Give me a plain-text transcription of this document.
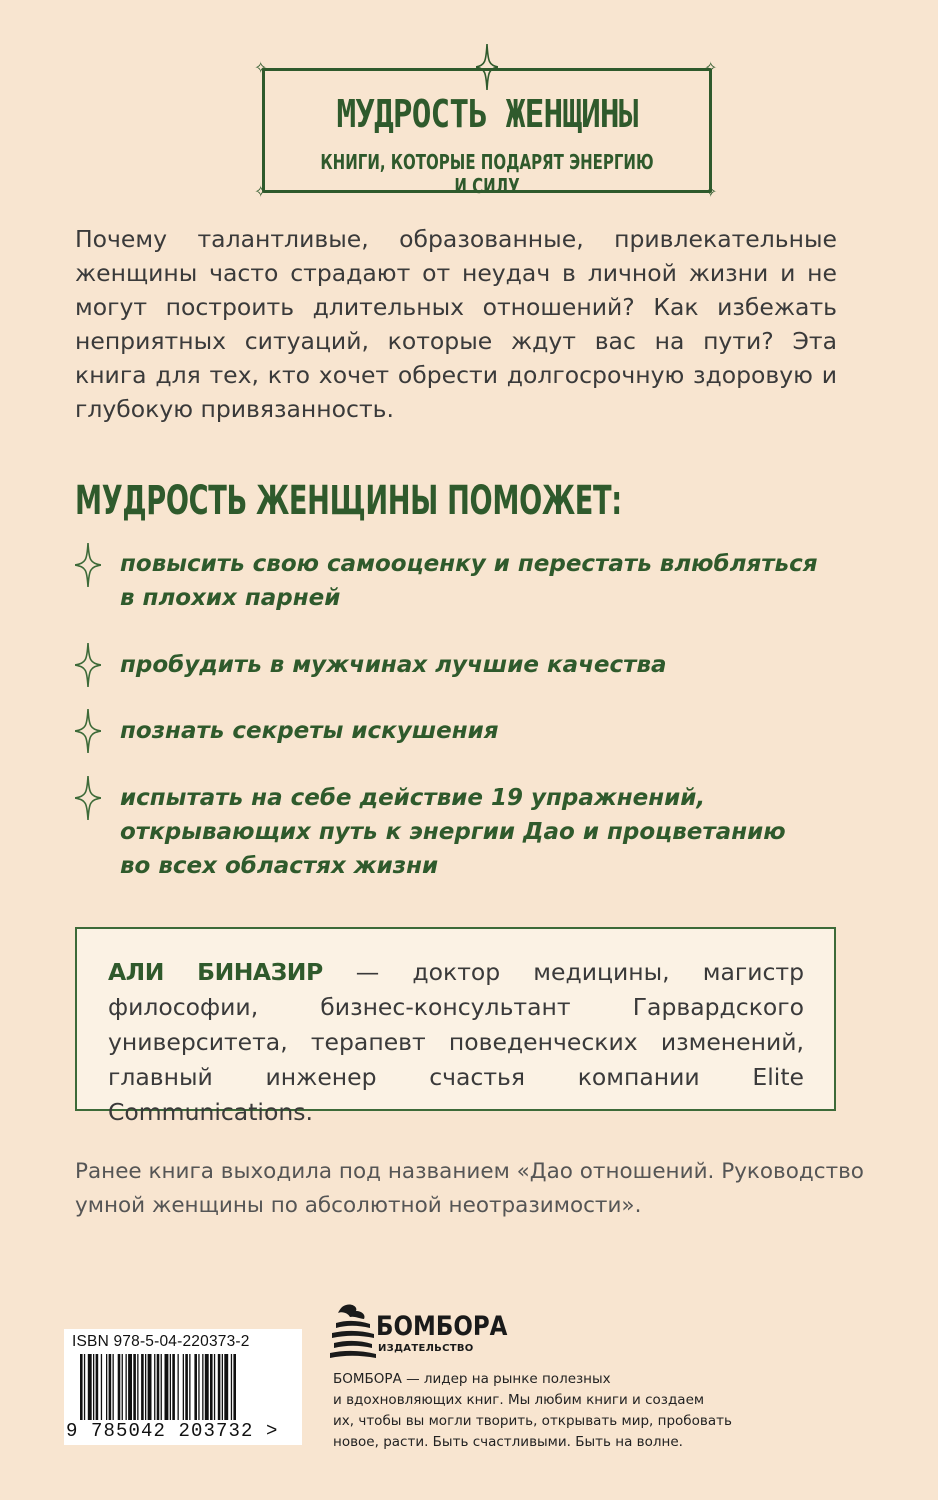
✧	✧
✧	✧
МУДРОСТЬ ЖЕНЩИНЫ
КНИГИ, КОТОРЫЕ ПОДАРЯТ ЭНЕРГИЮ И СИЛУ
Почему талантливые, образованные, привлекательные женщины часто страдают от неудач в личной жизни и не могут построить длительных отношений? Как избежать неприятных ситуаций, которые ждут вас на пути? Эта книга для тех, кто хочет обрести долгосрочную здоровую и глубокую привязанность.
МУДРОСТЬ ЖЕНЩИНЫ ПОМОЖЕТ:
повысить свою самооценку и перестать влюбляться в плохих парней
пробудить в мужчинах лучшие качества
познать секреты искушения
испытать на себе действие 19 упражнений, открывающих путь к энергии Дао и процветанию во всех областях жизни
АЛИ БИНАЗИР — доктор медицины, магистр философии, бизнес-консультант Гарвардского университета, терапевт поведенческих изменений, главный инженер счастья компании Elite Communications.
Ранее книга выходила под названием «Дао отношений. Руководство умной женщины по абсолютной неотразимости».
ISBN 978-5-04-220373-2
9 785042 203732 >
БОМБОРА
ИЗДАТЕЛЬСТВО
БОМБОРА — лидер на рынке полезных
и вдохновляющих книг. Мы любим книги и создаем
их, чтобы вы могли творить, открывать мир, пробовать
новое, расти. Быть счастливыми. Быть на волне.
